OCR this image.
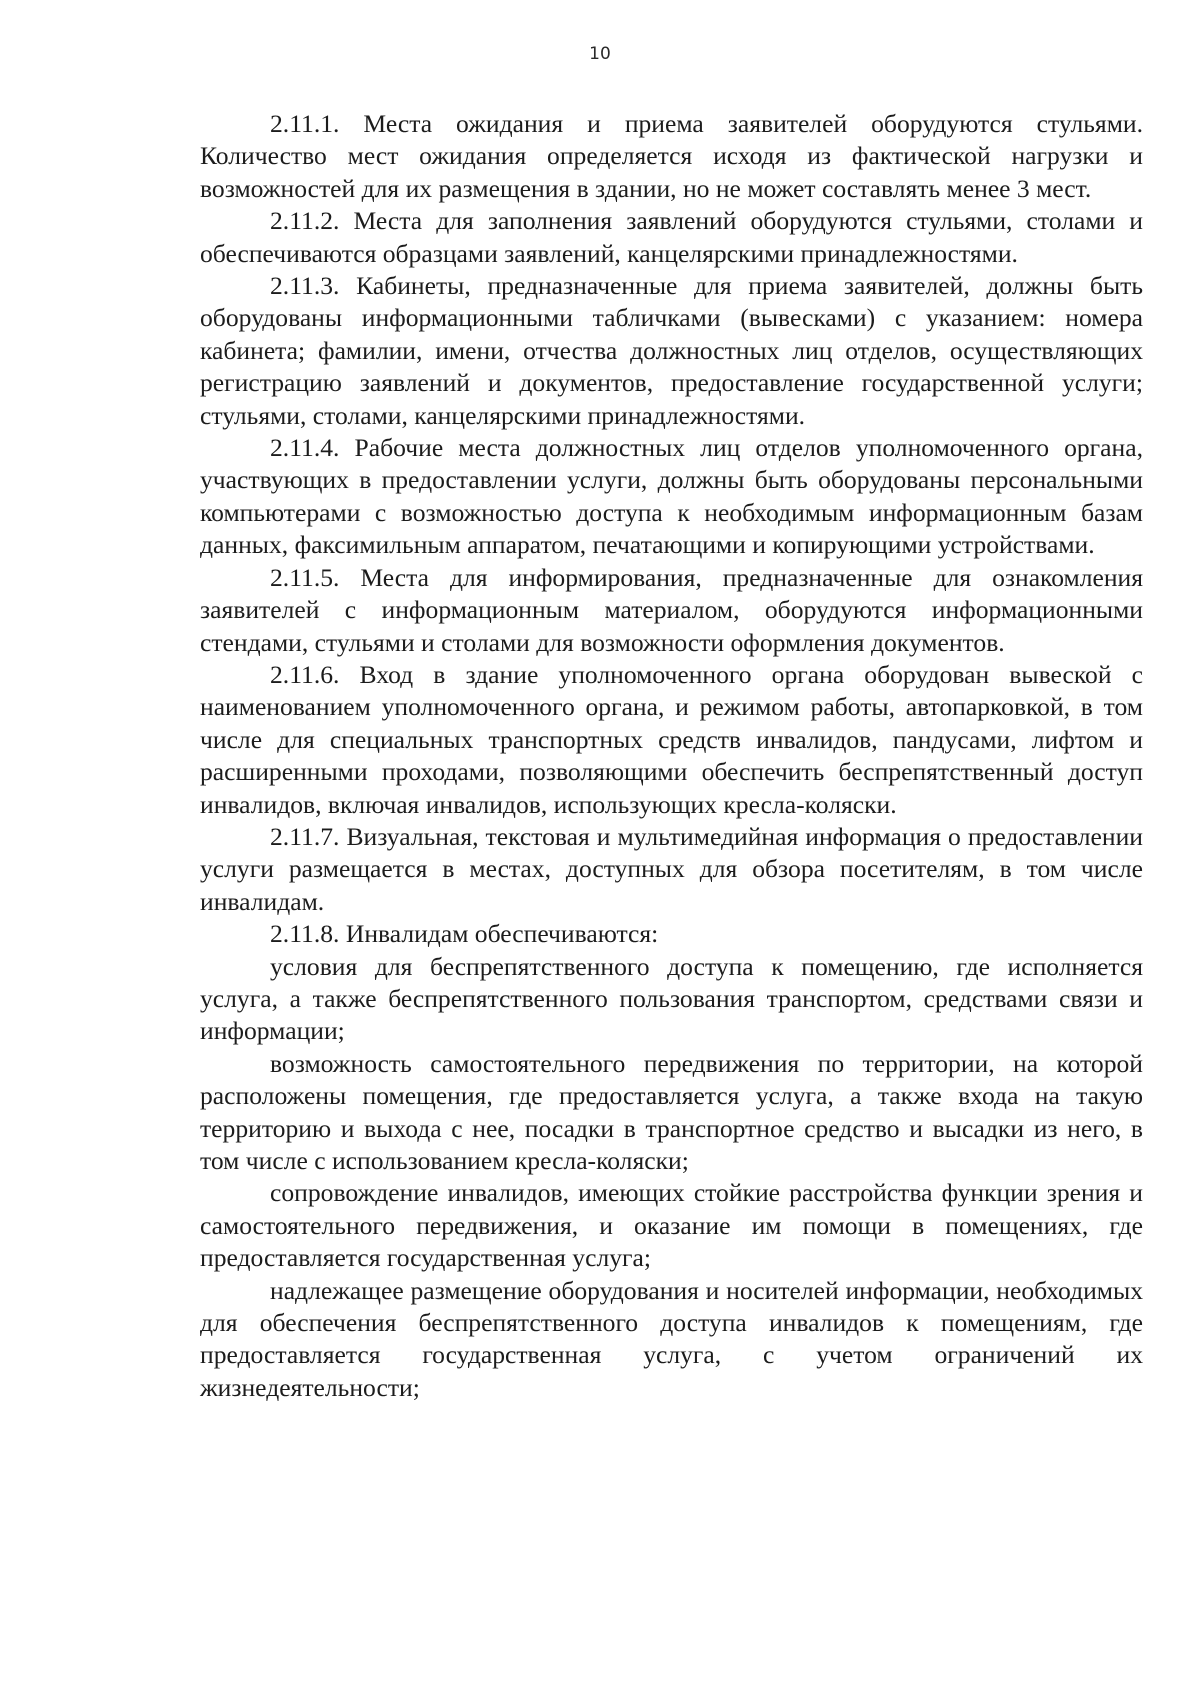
10

2.11.1. Места ожидания и приема заявителей оборудуются стульями. Количество мест ожидания определяется исходя из фактической нагрузки и возможностей для их размещения в здании, но не может составлять менее 3 мест.

2.11.2. Места для заполнения заявлений оборудуются стульями, столами и обеспечиваются образцами заявлений, канцелярскими принадлежностями.

2.11.3. Кабинеты, предназначенные для приема заявителей, должны быть оборудованы информационными табличками (вывесками) с указанием: номера кабинета; фамилии, имени, отчества должностных лиц отделов, осуществляющих регистрацию заявлений и документов, предоставление государственной услуги; стульями, столами, канцелярскими принадлежностями.

2.11.4. Рабочие места должностных лиц отделов уполномоченного органа, участвующих в предоставлении услуги, должны быть оборудованы персональными компьютерами с возможностью доступа к необходимым информационным базам данных, факсимильным аппаратом, печатающими и копирующими устройствами.

2.11.5. Места для информирования, предназначенные для ознакомления заявителей с информационным материалом, оборудуются информационными стендами, стульями и столами для возможности оформления документов.

2.11.6. Вход в здание уполномоченного органа оборудован вывеской с наименованием уполномоченного органа, и режимом работы, автопарковкой, в том числе для специальных транспортных средств инвалидов, пандусами, лифтом и расширенными проходами, позволяющими обеспечить беспрепятственный доступ инвалидов, включая инвалидов, использующих кресла-коляски.

2.11.7. Визуальная, текстовая и мультимедийная информация о предоставлении услуги размещается в местах, доступных для обзора посетителям, в том числе инвалидам.

2.11.8. Инвалидам обеспечиваются:

условия для беспрепятственного доступа к помещению, где исполняется услуга, а также беспрепятственного пользования транспортом, средствами связи и информации;

возможность самостоятельного передвижения по территории, на которой расположены помещения, где предоставляется услуга, а также входа на такую территорию и выхода с нее, посадки в транспортное средство и высадки из него, в том числе с использованием кресла-коляски;

сопровождение инвалидов, имеющих стойкие расстройства функции зрения и самостоятельного передвижения, и оказание им помощи в помещениях, где предоставляется государственная услуга;

надлежащее размещение оборудования и носителей информации, необходимых для обеспечения беспрепятственного доступа инвалидов к помещениям, где предоставляется государственная услуга, с учетом ограничений их жизнедеятельности;
